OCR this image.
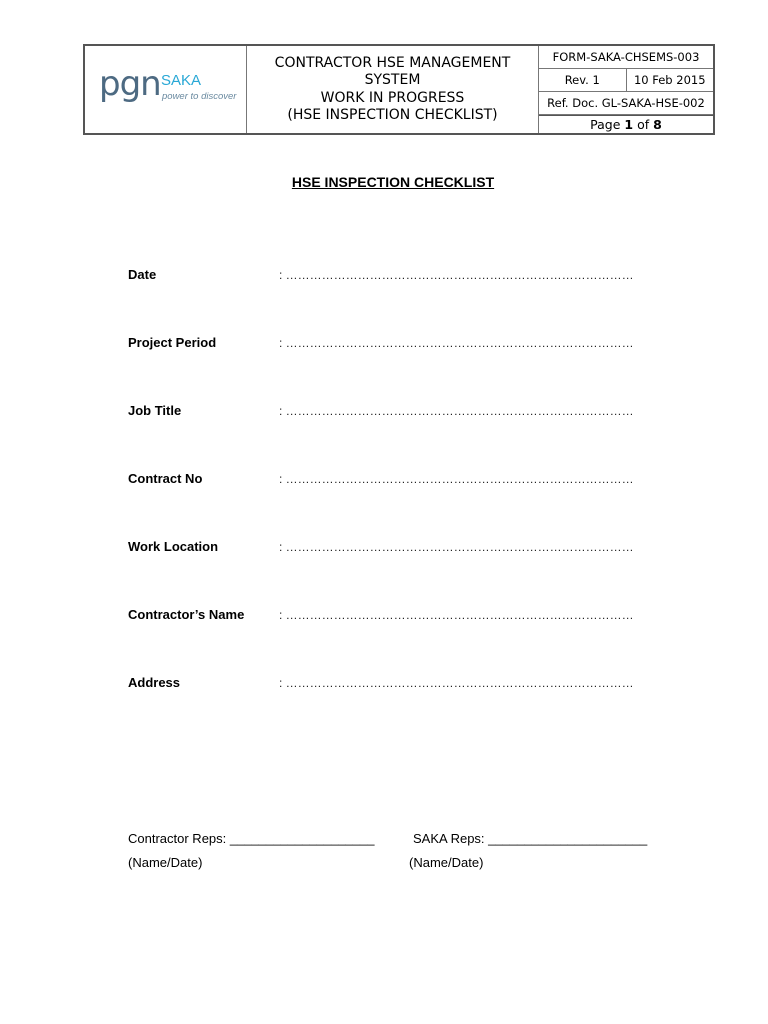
pgn SAKA
power to discover
CONTRACTOR HSE MANAGEMENT
SYSTEM
WORK IN PROGRESS
(HSE INSPECTION CHECKLIST)
FORM-SAKA-CHSEMS-003
Rev. 1	10 Feb 2015
Ref. Doc. GL-SAKA-HSE-002
Page
1
of
8
HSE INSPECTION CHECKLIST
Date	: ……………………………………………………………………………
Project Period	: ……………………………………………………………………………
Job Title	: ……………………………………………………………………………
Contract No	: ……………………………………………………………………………
Work Location	: ……………………………………………………………………………
Contractor’s Name	: ……………………………………………………………………………
Address	: ……………………………………………………………………………
Contractor Reps: ____________________
(Name/Date)
SAKA Reps: ______________________
(Name/Date)
